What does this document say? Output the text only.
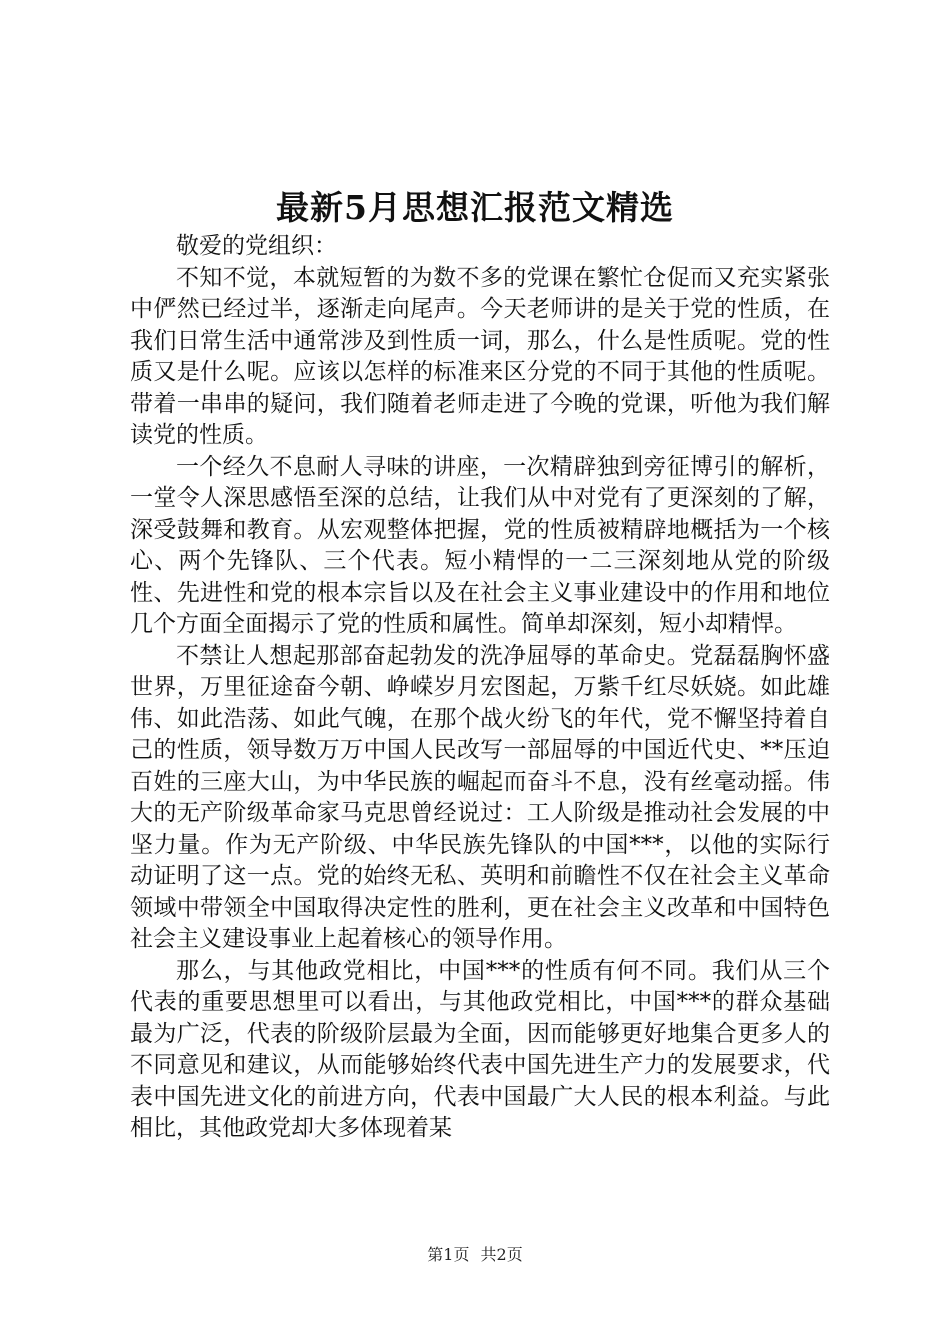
最新5月思想汇报范文精选

敬爱的党组织：

不知不觉，本就短暂的为数不多的党课在繁忙仓促而又充实紧张中俨然已经过半，逐渐走向尾声。今天老师讲的是关于党的性质，在我们日常生活中通常涉及到性质一词，那么，什么是性质呢。党的性质又是什么呢。应该以怎样的标准来区分党的不同于其他的性质呢。带着一串串的疑问，我们随着老师走进了今晚的党课，听他为我们解读党的性质。

一个经久不息耐人寻味的讲座，一次精辟独到旁征博引的解析，一堂令人深思感悟至深的总结，让我们从中对党有了更深刻的了解，深受鼓舞和教育。从宏观整体把握，党的性质被精辟地概括为一个核心、两个先锋队、三个代表。短小精悍的一二三深刻地从党的阶级性、先进性和党的根本宗旨以及在社会主义事业建设中的作用和地位几个方面全面揭示了党的性质和属性。简单却深刻，短小却精悍。

不禁让人想起那部奋起勃发的洗净屈辱的革命史。党磊磊胸怀盛世界，万里征途奋今朝、峥嵘岁月宏图起，万紫千红尽妖娆。如此雄伟、如此浩荡、如此气魄，在那个战火纷飞的年代，党不懈坚持着自己的性质，领导数万万中国人民改写一部屈辱的中国近代史、**压迫百姓的三座大山，为中华民族的崛起而奋斗不息，没有丝毫动摇。伟大的无产阶级革命家马克思曾经说过：工人阶级是推动社会发展的中坚力量。作为无产阶级、中华民族先锋队的中国***，以他的实际行动证明了这一点。党的始终无私、英明和前瞻性不仅在社会主义革命领域中带领全中国取得决定性的胜利，更在社会主义改革和中国特色社会主义建设事业上起着核心的领导作用。

那么，与其他政党相比，中国***的性质有何不同。我们从三个代表的重要思想里可以看出，与其他政党相比，中国***的群众基础最为广泛，代表的阶级阶层最为全面，因而能够更好地集合更多人的不同意见和建议，从而能够始终代表中国先进生产力的发展要求，代表中国先进文化的前进方向，代表中国最广大人民的根本利益。与此相比，其他政党却大多体现着某

第1页 共2页
